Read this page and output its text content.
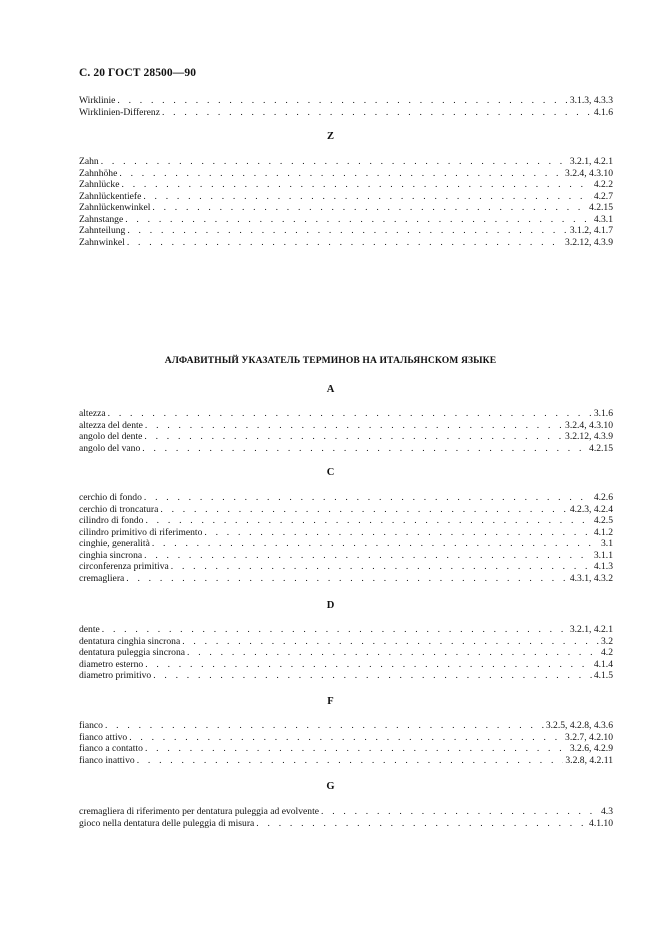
С. 20 ГОСТ 28500—90
Wirklinie . . .	3.1.3, 4.3.3
Wirklinien-Differenz . . .	4.1.6
Z
Zahn . . .	3.2.1, 4.2.1
Zahnhöhe . . .	3.2.4, 4.3.10
Zahnlücke . . .	4.2.2
Zahnlückentiefe . . .	4.2.7
Zahnlückenwinkel . . .	4.2.15
Zahnstange . . .	4.3.1
Zahnteilung . . .	3.1.2, 4.1.7
Zahnwinkel . . .	3.2.12, 4.3.9
АЛФАВИТНЫЙ УКАЗАТЕЛЬ ТЕРМИНОВ НА ИТАЛЬЯНСКОМ ЯЗЫКЕ
A
altezza . . .	3.1.6
altezza del dente . . .	3.2.4, 4.3.10
angolo del dente . . .	3.2.12, 4.3.9
angolo del vano . . .	4.2.15
C
cerchio di fondo . . .	4.2.6
cerchio di troncatura . . .	4.2.3, 4.2.4
cilindro di fondo . . .	4.2.5
cilindro primitivo di riferimento . . .	4.1.2
cinghie, generalità . . .	3.1
cinghia sincrona . . .	3.1.1
circonferenza primitiva . . .	4.1.3
cremagliera . . .	4.3.1, 4.3.2
D
dente . . .	3.2.1, 4.2.1
dentatura cinghia sincrona . . .	3.2
dentatura puleggia sincrona . . .	4.2
diametro esterno . . .	4.1.4
diametro primitivo . . .	4.1.5
F
fianco . . .	3.2.5, 4.2.8, 4.3.6
fianco attivo . . .	3.2.7, 4.2.10
fianco a contatto . . .	3.2.6, 4.2.9
fianco inattivo . . .	3.2.8, 4.2.11
G
cremagliera di riferimento per dentatura puleggia ad evolvente . . .	4.3
gioco nella dentatura delle puleggia di misura . . .	4.1.10
